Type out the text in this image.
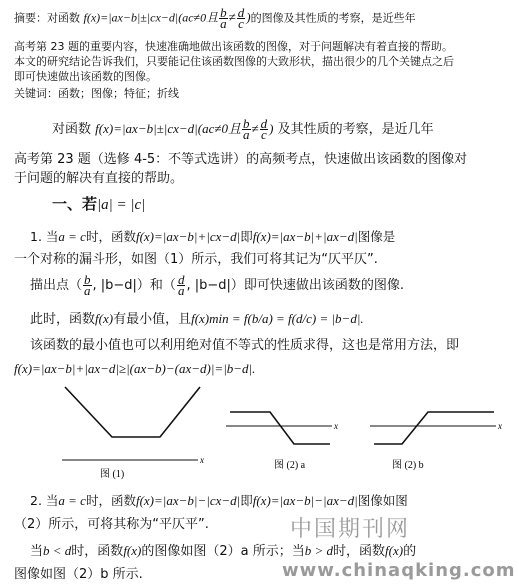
摘要：对函数 f(x)=|ax−b|±|cx−d|(ac≠0且 $\frac{b}{a} \ne \frac{d}{c}$ )的图像及其性质的考察，是近些年
高考第 23 题的重要内容，快速准确地做出该函数的图像，对于问题解决有着直接的帮助。
本文的研究结论告诉我们，只要能记住该函数图像的大致形状，描出很少的几个关键点之后
即可快速做出该函数的图像。
关键词：函数；图像；特征；折线
对函数 f(x)=|ax−b|±|cx−d|(ac≠0且 $\frac{b}{a} \ne \frac{d}{c}$ ) 及其性质的考察，是近几年
高考第 23 题（选修 4-5：不等式选讲）的高频考点，快速做出该函数的图像对
于问题的解决有直接的帮助。
一、若|a| = |c|
1. 当a = c时，函数f(x)=|ax−b|+|cx−d|即f(x)=|ax−b|+|ax−d|图像是
一个对称的漏斗形，如图（1）所示，我们可将其记为“仄平仄”.
描出点（ $\frac{b}{a}$ , |b−d|）和（ $\frac{d}{a}$ , |b−d|）即可快速做出该函数的图像.
此时，函数f(x)有最小值，且f(x)min = f(b/a) = f(d/c) = |b−d|.
该函数的最小值也可以利用绝对值不等式的性质求得，这也是常用方法，即
f(x)=|ax−b|+|ax−d|≥|(ax−b)−(ax−d)|=|b−d|.
x
图 (1)
x
图 (2) a
x
图 (2) b
2. 当a = c时，函数f(x)=|ax−b|−|cx−d|即f(x)=|ax−b|−|ax−d|图像如图
（2）所示，可将其称为“平仄平”.
当b < d时，函数f(x)的图像如图（2）a 所示；当b > d时，函数f(x)的
图像如图（2）b 所示.
中国期刊网
www.chinaqking.com
